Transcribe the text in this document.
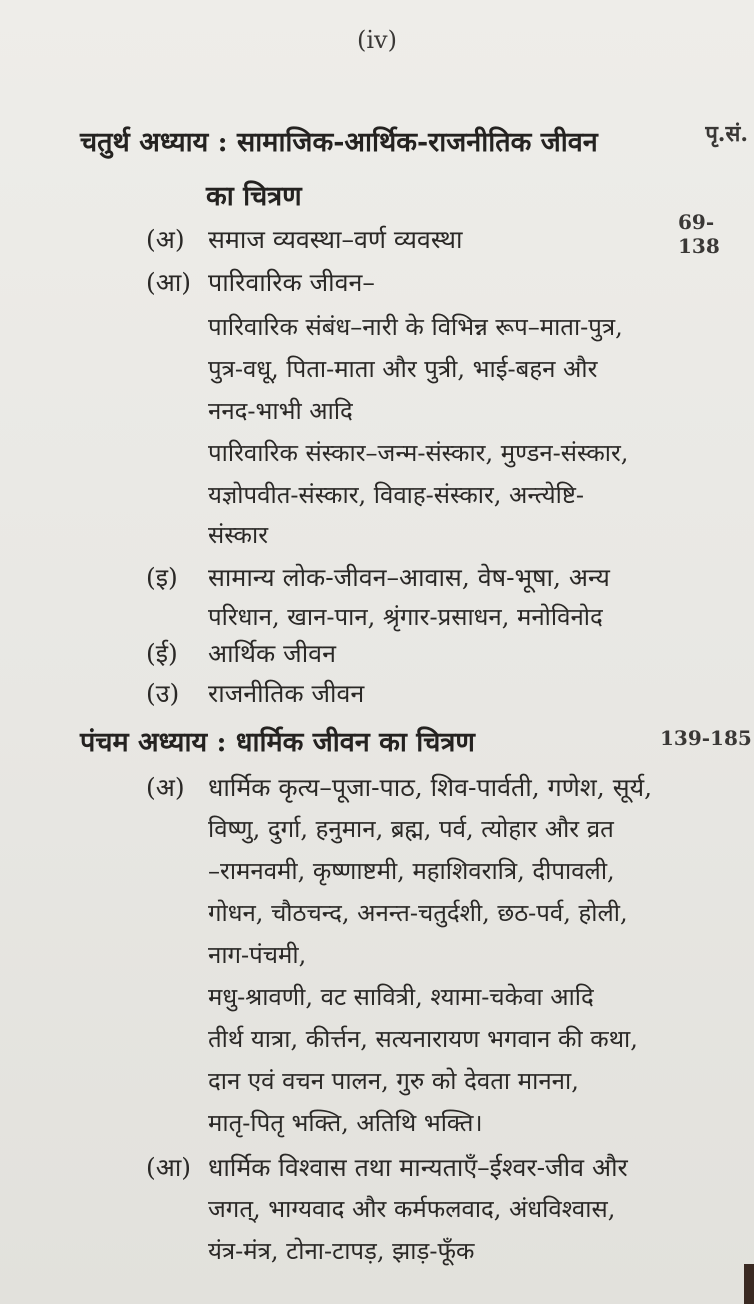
(iv)
पृ.सं.
चतुर्थ अध्याय : सामाजिक-आर्थिक-राजनीतिक जीवन
का चित्रण
69-138
(अ) समाज व्यवस्था–वर्ण व्यवस्था
(आ) पारिवारिक जीवन–
पारिवारिक संबंध–नारी के विभिन्न रूप–माता-पुत्र,
पुत्र-वधू, पिता-माता और पुत्री, भाई-बहन और
ननद-भाभी आदि
पारिवारिक संस्कार–जन्म-संस्कार, मुण्डन-संस्कार,
यज्ञोपवीत-संस्कार, विवाह-संस्कार, अन्त्येष्टि-
संस्कार
(इ) सामान्य लोक-जीवन–आवास, वेष-भूषा, अन्य
परिधान, खान-पान, श्रृंगार-प्रसाधन, मनोविनोद
(ई) आर्थिक जीवन
(उ) राजनीतिक जीवन
पंचम अध्याय : धार्मिक जीवन का चित्रण	139-185
(अ) धार्मिक कृत्य–पूजा-पाठ, शिव-पार्वती, गणेश, सूर्य,
विष्णु, दुर्गा, हनुमान, ब्रह्म, पर्व, त्योहार और व्रत
–रामनवमी, कृष्णाष्टमी, महाशिवरात्रि, दीपावली,
गोधन, चौठचन्द, अनन्त-चतुर्दशी, छठ-पर्व, होली,
नाग-पंचमी,
मधु-श्रावणी, वट सावित्री, श्यामा-चकेवा आदि
तीर्थ यात्रा, कीर्त्तन, सत्यनारायण भगवान की कथा,
दान एवं वचन पालन, गुरु को देवता मानना,
मातृ-पितृ भक्ति, अतिथि भक्ति।
(आ) धार्मिक विश्वास तथा मान्यताएँ–ईश्वर-जीव और
जगत्, भाग्यवाद और कर्मफलवाद, अंधविश्वास,
यंत्र-मंत्र, टोना-टापड़, झाड़-फूँक
